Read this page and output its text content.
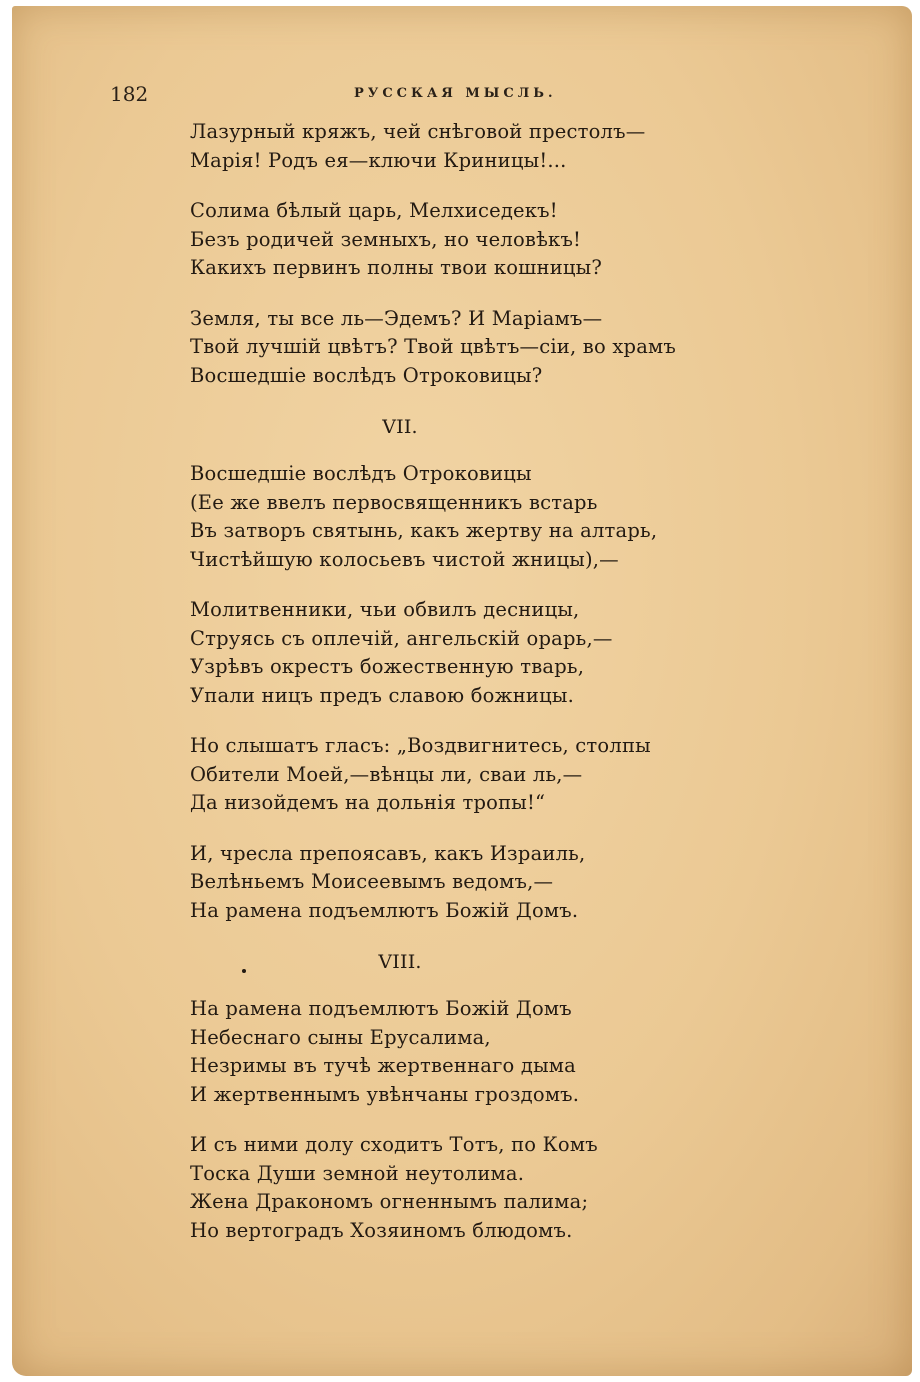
182	РУССКАЯ МЫСЛЬ.
Лазурный кряжъ, чей снѣговой престолъ—
Марія! Родъ ея—ключи Криницы!...
Солима бѣлый царь, Мелхиседекъ!
Безъ родичей земныхъ, но человѣкъ!
Какихъ первинъ полны твои кошницы?
Земля, ты все ль—Эдемъ? И Маріамъ—
Твой лучшій цвѣтъ? Твой цвѣтъ—сіи, во храмъ
Восшедшіе вослѣдъ Отроковицы?
VII.
Восшедшіе вослѣдъ Отроковицы
(Ее же ввелъ первосвященникъ встарь
Въ затворъ святынь, какъ жертву на алтарь,
Чистѣйшую колосьевъ чистой жницы),—
Молитвенники, чьи обвилъ десницы,
Струясь съ оплечій, ангельскій орарь,—
Узрѣвъ окрестъ божественную тварь,
Упали ницъ предъ славою божницы.
Но слышатъ гласъ: „Воздвигнитесь, столпы
Обители Моей,—вѣнцы ли, сваи ль,—
Да низойдемъ на дольнія тропы!“
И, чресла препоясавъ, какъ Израиль,
Велѣньемъ Моисеевымъ ведомъ,—
На рамена подъемлютъ Божій Домъ.
VIII.
На рамена подъемлютъ Божій Домъ
Небеснаго сыны Ерусалима,
Незримы въ тучѣ жертвеннаго дыма
И жертвеннымъ увѣнчаны гроздомъ.
И съ ними долу сходитъ Тотъ, по Комъ
Тоска Души земной неутолима.
Жена Дракономъ огненнымъ палима;
Но вертоградъ Хозяиномъ блюдомъ.
